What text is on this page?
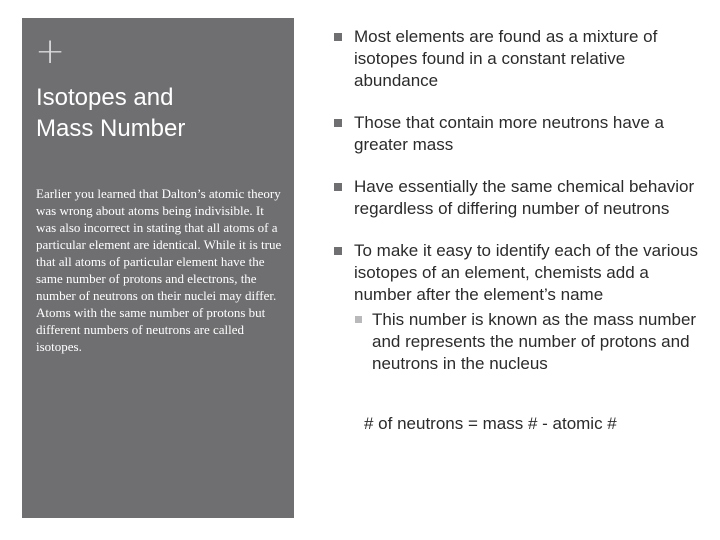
+
Isotopes and
Mass Number
Earlier you learned that Dalton’s atomic theory was wrong about atoms being indivisible. It was also incorrect in stating that all atoms of a particular element are identical. While it is true that all atoms of particular element have the same number of protons and electrons, the number of neutrons on their nuclei may differ. Atoms with the same number of protons but different numbers of neutrons are called isotopes.
Most elements are found as a mixture of isotopes found in a constant relative abundance
Those that contain more neutrons have a greater mass
Have essentially the same chemical behavior regardless of differing number of neutrons
To make it easy to identify each of the various isotopes of an element, chemists add a number after the element’s name
This number is known as the mass number and represents the number of protons and neutrons in the nucleus
# of neutrons = mass # - atomic #
